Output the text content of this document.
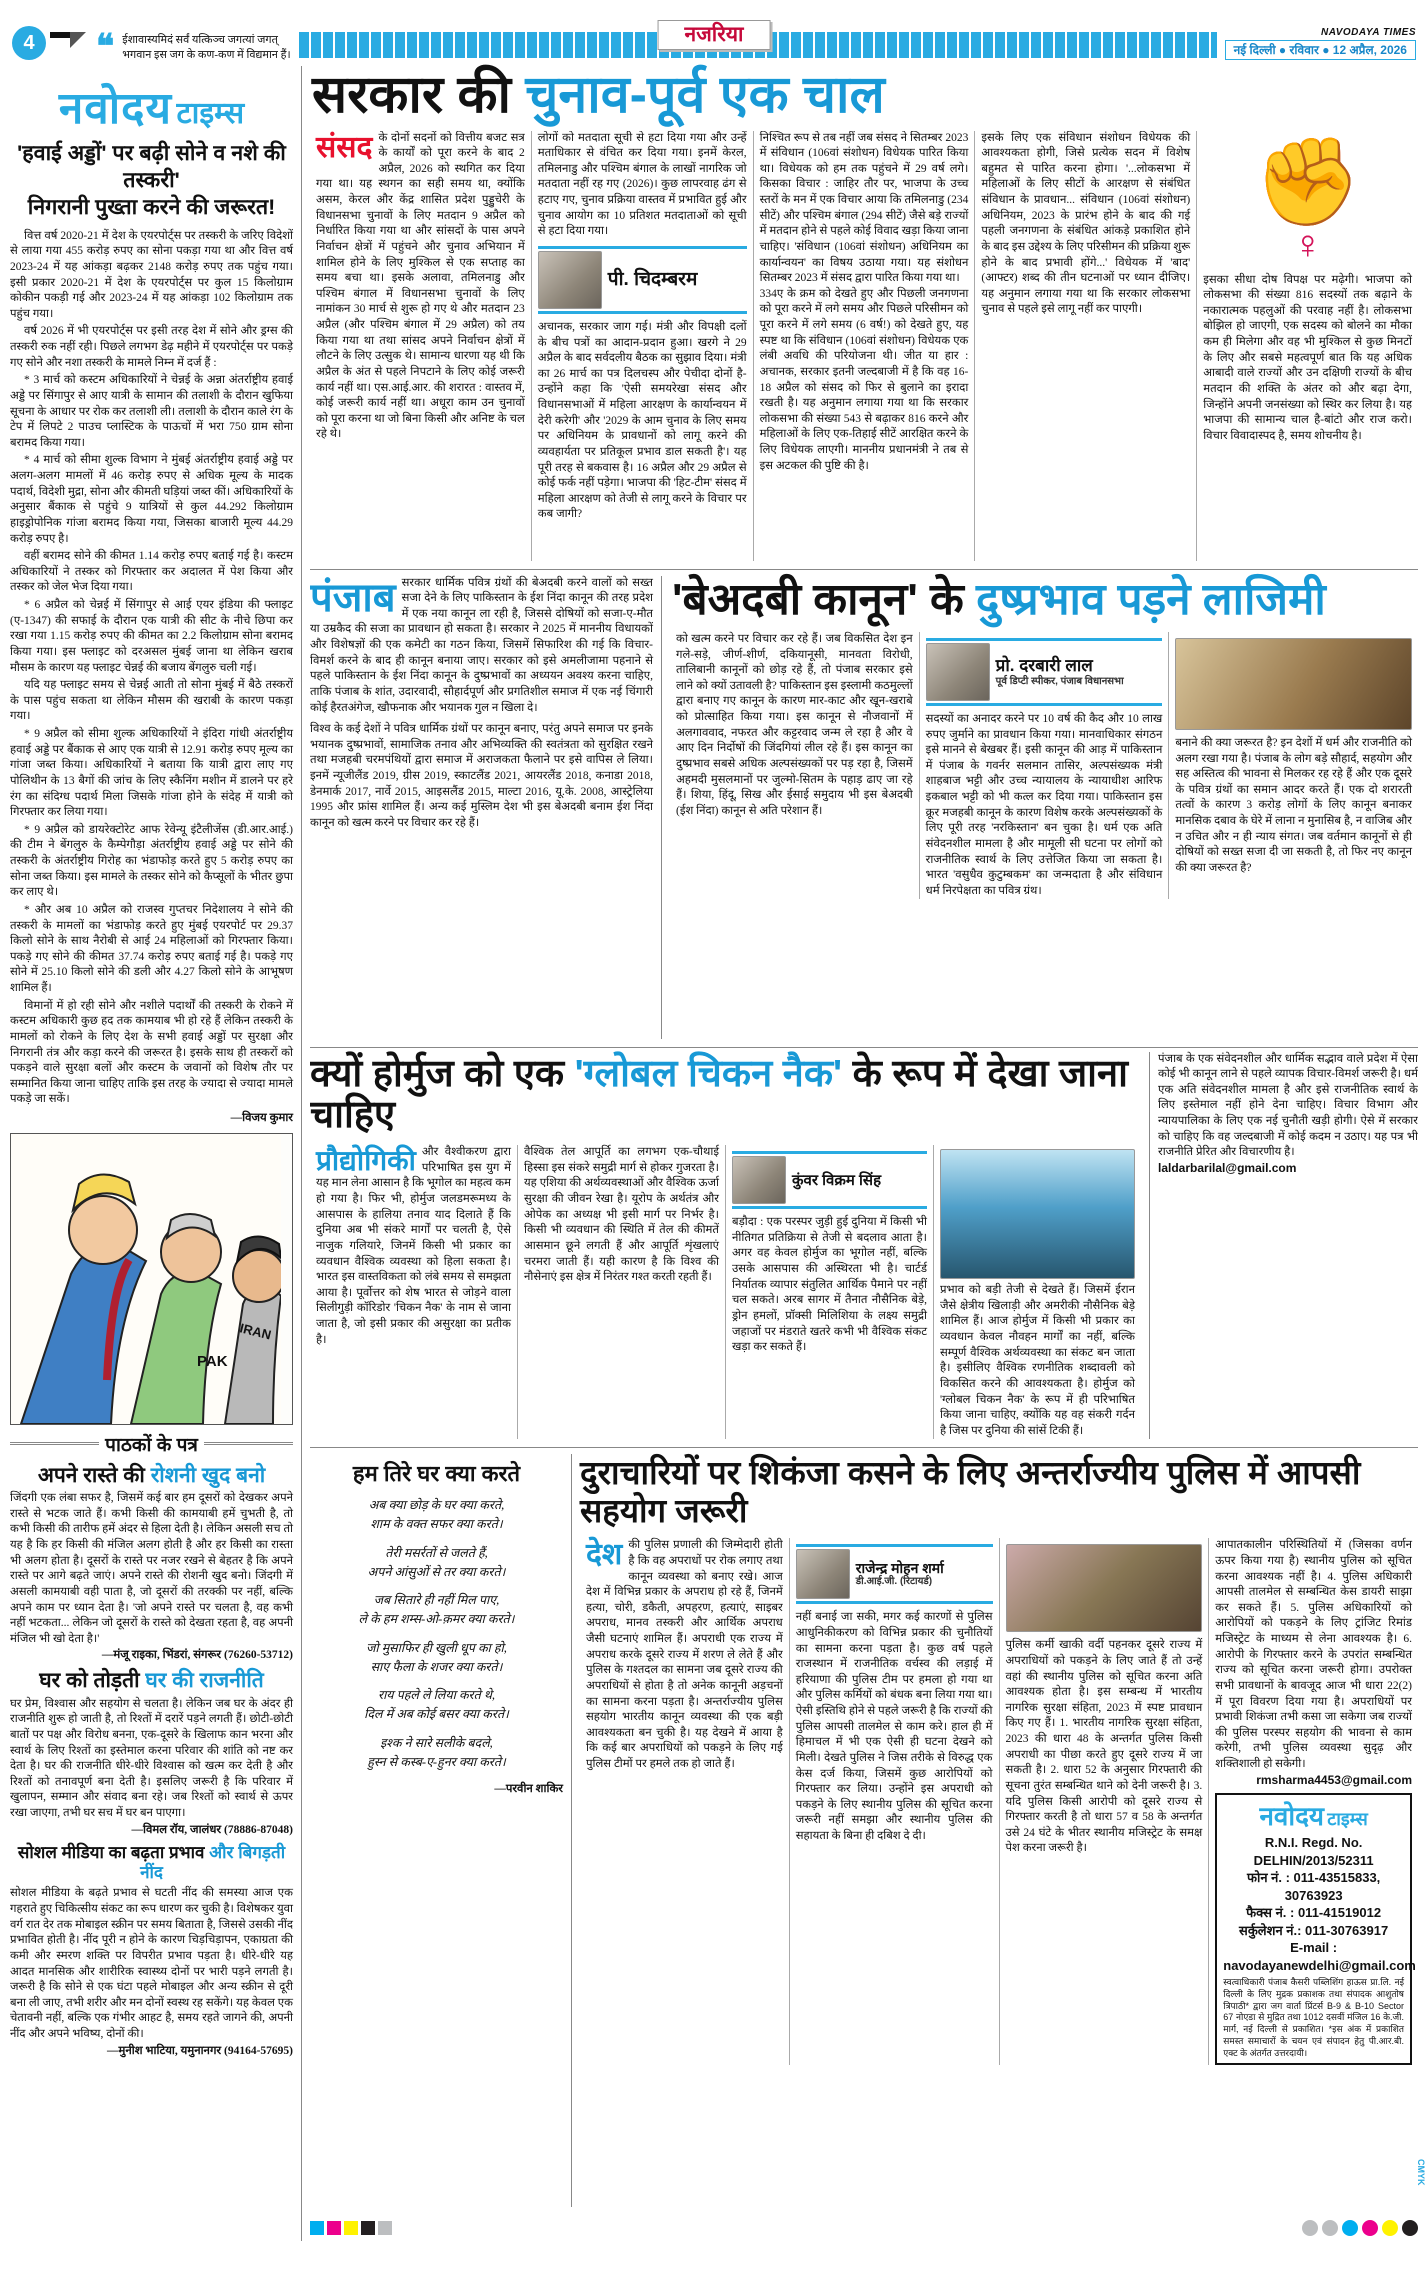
4	❝ ईशावास्यमिदं सर्वं यत्किञ्च जगत्यां जगत्
भगवान इस जग के कण-कण में विद्यमान हैं।
नजरिया	NAVODAYA TIMES
नई दिल्ली ● रविवार ● 12 अप्रैल, 2026
नवोदय टाइम्स
'हवाई अड्डों' पर बढ़ी सोने व नशे की तस्करी'
निगरानी पुख्ता करने की जरूरत!

वित्त वर्ष 2020-21 में देश के एयरपोर्ट्स पर तस्करी के जरिए विदेशों से लाया गया 455 करोड़ रुपए का सोना पकड़ा गया था और वित्त वर्ष 2023-24 में यह आंकड़ा बढ़कर 2148 करोड़ रुपए तक पहुंच गया। इसी प्रकार 2020-21 में देश के एयरपोर्ट्स पर कुल 15 किलोग्राम कोकीन पकड़ी गई और 2023-24 में यह आंकड़ा 102 किलोग्राम तक पहुंच गया।

वर्ष 2026 में भी एयरपोर्ट्स पर इसी तरह देश में सोने और ड्रग्स की तस्करी रुक नहीं रही। पिछले लगभग डेढ़ महीने में एयरपोर्ट्स पर पकड़े गए सोने और नशा तस्करी के मामले निम्न में दर्ज हैं :

* 3 मार्च को कस्टम अधिकारियों ने चेन्नई के अन्ना अंतर्राष्ट्रीय हवाई अड्डे पर सिंगापुर से आए यात्री के सामान की तलाशी के दौरान खुफिया सूचना के आधार पर रोक कर तलाशी ली। तलाशी के दौरान काले रंग के टेप में लिपटे 2 पाउच प्लास्टिक के पाऊचों में भरा 750 ग्राम सोना बरामद किया गया।

* 4 मार्च को सीमा शुल्क विभाग ने मुंबई अंतर्राष्ट्रीय हवाई अड्डे पर अलग-अलग मामलों में 46 करोड़ रुपए से अधिक मूल्य के मादक पदार्थ, विदेशी मुद्रा, सोना और कीमती घड़ियां जब्त कीं। अधिकारियों के अनुसार बैंकाक से पहुंचे 9 यात्रियों से कुल 44.292 किलोग्राम हाइड्रोपोनिक गांजा बरामद किया गया, जिसका बाजारी मूल्य 44.29 करोड़ रुपए है।

वहीं बरामद सोने की कीमत 1.14 करोड़ रुपए बताई गई है। कस्टम अधिकारियों ने तस्कर को गिरफ्तार कर अदालत में पेश किया और तस्कर को जेल भेज दिया गया।

* 6 अप्रैल को चेन्नई में सिंगापुर से आई एयर इंडिया की फ्लाइट (ए-1347) की सफाई के दौरान एक यात्री की सीट के नीचे छिपा कर रखा गया 1.15 करोड़ रुपए की कीमत का 2.2 किलोग्राम सोना बरामद किया गया। इस फ्लाइट को दरअसल मुंबई जाना था लेकिन खराब मौसम के कारण यह फ्लाइट चेन्नई की बजाय बेंगलुरु चली गई।

यदि यह फ्लाइट समय से चेन्नई आती तो सोना मुंबई में बैठे तस्करों के पास पहुंच सकता था लेकिन मौसम की खराबी के कारण पकड़ा गया।

* 9 अप्रैल को सीमा शुल्क अधिकारियों ने इंदिरा गांधी अंतर्राष्ट्रीय हवाई अड्डे पर बैंकाक से आए एक यात्री से 12.91 करोड़ रुपए मूल्य का गांजा जब्त किया। अधिकारियों ने बताया कि यात्री द्वारा लाए गए पोलिथीन के 13 बैगों की जांच के लिए स्कैनिंग मशीन में डालने पर हरे रंग का संदिग्ध पदार्थ मिला जिसके गांजा होने के संदेह में यात्री को गिरफ्तार कर लिया गया।

* 9 अप्रैल को डायरेक्टोरेट आफ रेवेन्यू इंटैलीजेंस (डी.आर.आई.) की टीम ने बेंगलुरु के कैम्पेगौड़ा अंतर्राष्ट्रीय हवाई अड्डे पर सोने की तस्करी के अंतर्राष्ट्रीय गिरोह का भंडाफोड़ करते हुए 5 करोड़ रुपए का सोना जब्त किया। इस मामले के तस्कर सोने को कैप्सूलों के भीतर छुपा कर लाए थे।

* और अब 10 अप्रैल को राजस्व गुप्तचर निदेशालय ने सोने की तस्करी के मामलों का भंडाफोड़ करते हुए मुंबई एयरपोर्ट पर 29.37 किलो सोने के साथ नैरोबी से आई 24 महिलाओं को गिरफ्तार किया। पकड़े गए सोने की कीमत 37.74 करोड़ रुपए बताई गई है। पकड़े गए सोने में 25.10 किलो सोने की डली और 4.27 किलो सोने के आभूषण शामिल हैं।

विमानों में हो रही सोने और नशीले पदार्थों की तस्करी के रोकने में कस्टम अधिकारी कुछ हद तक कामयाब भी हो रहे हैं लेकिन तस्करी के मामलों को रोकने के लिए देश के सभी हवाई अड्डों पर सुरक्षा और निगरानी तंत्र और कड़ा करने की जरूरत है। इसके साथ ही तस्करों को पकड़ने वाले सुरक्षा बलों और कस्टम के जवानों को विशेष तौर पर सम्मानित किया जाना चाहिए ताकि इस तरह के ज्यादा से ज्यादा मामले पकड़े जा सकें।

—विजय कुमार
PAK
IRAN
पाठकों के पत्र
अपने रास्ते की रोशनी खुद बनो
जिंदगी एक लंबा सफर है, जिसमें कई बार हम दूसरों को देखकर अपने रास्ते से भटक जाते हैं। कभी किसी की कामयाबी हमें चुभती है, तो कभी किसी की तारीफ हमें अंदर से हिला देती है। लेकिन असली सच तो यह है कि हर किसी की मंजिल अलग होती है और हर किसी का रास्ता भी अलग होता है। दूसरों के रास्ते पर नजर रखने से बेहतर है कि अपने रास्ते पर आगे बढ़ते जाएं। अपने रास्ते की रोशनी खुद बनो। जिंदगी में असली कामयाबी वही पाता है, जो दूसरों की तरक्की पर नहीं, बल्कि अपने काम पर ध्यान देता है। 'जो अपने रास्ते पर चलता है, वह कभी नहीं भटकता... लेकिन जो दूसरों के रास्ते को देखता रहता है, वह अपनी मंजिल भी खो देता है।'
—मंजू राइका, भिंडरां, संगरूर (76260-53712)
घर को तोड़ती घर की राजनीति
घर प्रेम, विश्वास और सहयोग से चलता है। लेकिन जब घर के अंदर ही राजनीति शुरू हो जाती है, तो रिश्तों में दरारें पड़ने लगती हैं। छोटी-छोटी बातों पर पक्ष और विरोध बनना, एक-दूसरे के खिलाफ कान भरना और स्वार्थ के लिए रिश्तों का इस्तेमाल करना परिवार की शांति को नष्ट कर देता है। घर की राजनीति धीरे-धीरे विश्वास को खत्म कर देती है और रिश्तों को तनावपूर्ण बना देती है। इसलिए जरूरी है कि परिवार में खुलापन, सम्मान और संवाद बना रहे। जब रिश्तों को स्वार्थ से ऊपर रखा जाएगा, तभी घर सच में घर बन पाएगा।
—विमल रॉय, जालंधर (78886-87048)
सोशल मीडिया का बढ़ता प्रभाव और बिगड़ती नींद
सोशल मीडिया के बढ़ते प्रभाव से घटती नींद की समस्या आज एक गहराते हुए चिकित्सीय संकट का रूप धारण कर चुकी है। विशेषकर युवा वर्ग रात देर तक मोबाइल स्क्रीन पर समय बिताता है, जिससे उसकी नींद प्रभावित होती है। नींद पूरी न होने के कारण चिड़चिड़ापन, एकाग्रता की कमी और स्मरण शक्ति पर विपरीत प्रभाव पड़ता है। धीरे-धीरे यह आदत मानसिक और शारीरिक स्वास्थ्य दोनों पर भारी पड़ने लगती है। जरूरी है कि सोने से एक घंटा पहले मोबाइल और अन्य स्क्रीन से दूरी बना ली जाए, तभी शरीर और मन दोनों स्वस्थ रह सकेंगे। यह केवल एक चेतावनी नहीं, बल्कि एक गंभीर आहट है, समय रहते जागने की, अपनी नींद और अपने भविष्य, दोनों की।
—मुनीश भाटिया, यमुनानगर (94164-57695)
सरकार की चुनाव-पूर्व एक चाल
संसद के दोनों सदनों को वित्तीय बजट सत्र के कार्यों को पूरा करने के बाद 2 अप्रैल, 2026 को स्थगित कर दिया गया था। यह स्थगन का सही समय था, क्योंकि असम, केरल और केंद्र शासित प्रदेश पुड्डुचेरी के विधानसभा चुनावों के लिए मतदान 9 अप्रैल को निर्धारित किया गया था और सांसदों के पास अपने निर्वाचन क्षेत्रों में पहुंचने और चुनाव अभियान में शामिल होने के लिए मुश्किल से एक सप्ताह का समय बचा था। इसके अलावा, तमिलनाडु और पश्चिम बंगाल में विधानसभा चुनावों के लिए नामांकन 30 मार्च से शुरू हो गए थे और मतदान 23 अप्रैल (और पश्चिम बंगाल में 29 अप्रैल) को तय किया गया था तथा सांसद अपने निर्वाचन क्षेत्रों में लौटने के लिए उत्सुक थे। सामान्य धारणा यह थी कि अप्रैल के अंत से पहले निपटाने के लिए कोई जरूरी कार्य नहीं था। एस.आई.आर. की शरारत : वास्तव में, कोई जरूरी कार्य नहीं था। अधूरा काम उन चुनावों को पूरा करना था जो बिना किसी और अनिष्ट के चल रहे थे।

लोगों को मतदाता सूची से हटा दिया गया और उन्हें मताधिकार से वंचित कर दिया गया। इनमें केरल, तमिलनाडु और पश्चिम बंगाल के लाखों नागरिक जो मतदाता नहीं रह गए (2026)। कुछ लापरवाह ढंग से हटाए गए, चुनाव प्रक्रिया वास्तव में प्रभावित हुई और चुनाव आयोग का 10 प्रतिशत मतदाताओं को सूची से हटा दिया गया।

पी. चिदम्बरम

अचानक, सरकार जाग गई। मंत्री और विपक्षी दलों के बीच पत्रों का आदान-प्रदान हुआ। खरगे ने 29 अप्रैल के बाद सर्वदलीय बैठक का सुझाव दिया। मंत्री का 26 मार्च का पत्र दिलचस्प और पेचीदा दोनों है-उन्होंने कहा कि 'ऐसी समयरेखा संसद और विधानसभाओं में महिला आरक्षण के कार्यान्वयन में देरी करेगी' और '2029 के आम चुनाव के लिए समय पर अधिनियम के प्रावधानों को लागू करने की व्यवहार्यता पर प्रतिकूल प्रभाव डाल सकती है'। यह पूरी तरह से बकवास है। 16 अप्रैल और 29 अप्रैल से कोई फर्क नहीं पड़ेगा। भाजपा की 'हिट-टीम' संसद में महिला आरक्षण को तेजी से लागू करने के विचार पर कब जागी?

निश्चित रूप से तब नहीं जब संसद ने सितम्बर 2023 में संविधान (106वां संशोधन) विधेयक पारित किया था। विधेयक को हम तक पहुंचने में 29 वर्ष लगे। किसका विचार : जाहिर तौर पर, भाजपा के उच्च स्तरों के मन में एक विचार आया कि तमिलनाडु (234 सीटें) और पश्चिम बंगाल (294 सीटें) जैसे बड़े राज्यों में मतदान होने से पहले कोई विवाद खड़ा किया जाना चाहिए। 'संविधान (106वां संशोधन) अधिनियम का कार्यान्वयन' का विषय उठाया गया। यह संशोधन सितम्बर 2023 में संसद द्वारा पारित किया गया था।

334ए के क्रम को देखते हुए और पिछली जनगणना को पूरा करने में लगे समय और पिछले परिसीमन को पूरा करने में लगे समय (6 वर्ष!) को देखते हुए, यह स्पष्ट था कि संविधान (106वां संशोधन) विधेयक एक लंबी अवधि की परियोजना थी। जीत या हार : अचानक, सरकार इतनी जल्दबाजी में है कि वह 16-18 अप्रैल को संसद को फिर से बुलाने का इरादा रखती है। यह अनुमान लगाया गया था कि सरकार लोकसभा की संख्या 543 से बढ़ाकर 816 करने और महिलाओं के लिए एक-तिहाई सीटें आरक्षित करने के लिए विधेयक लाएगी। माननीय प्रधानमंत्री ने तब से इस अटकल की पुष्टि की है।

इसके लिए एक संविधान संशोधन विधेयक की आवश्यकता होगी, जिसे प्रत्येक सदन में विशेष बहुमत से पारित करना होगा। '...लोकसभा में महिलाओं के लिए सीटों के आरक्षण से संबंधित संविधान के प्रावधान... संविधान (106वां संशोधन) अधिनियम, 2023 के प्रारंभ होने के बाद की गई पहली जनगणना के संबंधित आंकड़े प्रकाशित होने के बाद इस उद्देश्य के लिए परिसीमन की प्रक्रिया शुरू होने के बाद प्रभावी होंगे...' विधेयक में 'बाद' (आफ्टर) शब्द की तीन घटनाओं पर ध्यान दीजिए। यह अनुमान लगाया गया था कि सरकार लोकसभा चुनाव से पहले इसे लागू नहीं कर पाएगी।

✊
♀

इसका सीधा दोष विपक्ष पर मढ़ेगी। भाजपा को लोकसभा की संख्या 816 सदस्यों तक बढ़ाने के नकारात्मक पहलुओं की परवाह नहीं है। लोकसभा बोझिल हो जाएगी, एक सदस्य को बोलने का मौका कम ही मिलेगा और वह भी मुश्किल से कुछ मिनटों के लिए और सबसे महत्वपूर्ण बात कि यह अधिक आबादी वाले राज्यों और उन दक्षिणी राज्यों के बीच मतदान की शक्ति के अंतर को और बढ़ा देगा, जिन्होंने अपनी जनसंख्या को स्थिर कर लिया है। यह भाजपा की सामान्य चाल है-बांटो और राज करो। विचार विवादास्पद है, समय शोचनीय है।

पंजाब सरकार धार्मिक पवित्र ग्रंथों की बेअदबी करने वालों को सख्त सजा देने के लिए पाकिस्तान के ईश निंदा कानून की तरह प्रदेश में एक नया कानून ला रही है, जिससे दोषियों को सजा-ए-मौत या उम्रकैद की सजा का प्रावधान हो सकता है। सरकार ने 2025 में माननीय विधायकों और विशेषज्ञों की एक कमेटी का गठन किया, जिसमें सिफारिश की गई कि विचार-विमर्श करने के बाद ही कानून बनाया जाए। सरकार को इसे अमलीजामा पहनाने से पहले पाकिस्तान के ईश निंदा कानून के दुष्प्रभावों का अध्ययन अवश्य करना चाहिए, ताकि पंजाब के शांत, उदारवादी, सौहार्दपूर्ण और प्रगतिशील समाज में एक नई चिंगारी कोई हैरतअंगेज, खौफनाक और भयानक गुल न खिला दे।

विश्व के कई देशों ने पवित्र धार्मिक ग्रंथों पर कानून बनाए, परंतु अपने समाज पर इनके भयानक दुष्प्रभावों, सामाजिक तनाव और अभिव्यक्ति की स्वतंत्रता को सुरक्षित रखने तथा मजहबी चरमपंथियों द्वारा समाज में अराजकता फैलाने पर इसे वापिस ले लिया। इनमें न्यूजीलैंड 2019, ग्रीस 2019, स्काटलैंड 2021, आयरलैंड 2018, कनाडा 2018, डेनमार्क 2017, नार्वे 2015, आइसलैंड 2015, माल्टा 2016, यू.के. 2008, आस्ट्रेलिया 1995 और फ्रांस शामिल हैं। अन्य कई मुस्लिम देश भी इस बेअदबी बनाम ईश निंदा कानून को खत्म करने पर विचार कर रहे हैं।

'बेअदबी कानून' के दुष्प्रभाव पड़ने लाजिमी

को खत्म करने पर विचार कर रहे हैं। जब विकसित देश इन गले-सड़े, जीर्ण-शीर्ण, दकियानूसी, मानवता विरोधी, तालिबानी कानूनों को छोड़ रहे हैं, तो पंजाब सरकार इसे लाने को क्यों उतावली है? पाकिस्तान इस इस्लामी कठमुल्लों द्वारा बनाए गए कानून के कारण मार-काट और खून-खराबे को प्रोत्साहित किया गया। इस कानून से नौजवानों में अलगाववाद, नफरत और कट्टरवाद जन्म ले रहा है और वे आए दिन निर्दोषों की जिंदगियां लील रहे हैं। इस कानून का दुष्प्रभाव सबसे अधिक अल्पसंख्यकों पर पड़ रहा है, जिसमें अहमदी मुसलमानों पर जुल्मो-सितम के पहाड़ ढाए जा रहे हैं। शिया, हिंदू, सिख और ईसाई समुदाय भी इस बेअदबी (ईश निंदा) कानून से अति परेशान हैं।

प्रो. दरबारी लाल
पूर्व डिप्टी स्पीकर, पंजाब विधानसभा

सदस्यों का अनादर करने पर 10 वर्ष की कैद और 10 लाख रुपए जुर्माने का प्रावधान किया गया। मानवाधिकार संगठन इसे मानने से बेखबर हैं। इसी कानून की आड़ में पाकिस्तान में पंजाब के गवर्नर सलमान तासिर, अल्पसंख्यक मंत्री शाहबाज भट्टी और उच्च न्यायालय के न्यायाधीश आरिफ इकबाल भट्टी को भी कत्ल कर दिया गया। पाकिस्तान इस क्रूर मजहबी कानून के कारण विशेष करके अल्पसंख्यकों के लिए पूरी तरह 'नरकिस्तान' बन चुका है। धर्म एक अति संवेदनशील मामला है और मामूली सी घटना पर लोगों को राजनीतिक स्वार्थ के लिए उत्तेजित किया जा सकता है। भारत 'वसुधैव कुटुम्बकम' का जन्मदाता है और संविधान धर्म निरपेक्षता का पवित्र ग्रंथ।

बनाने की क्या जरूरत है? इन देशों में धर्म और राजनीति को अलग रखा गया है। पंजाब के लोग बड़े सौहार्द, सहयोग और सह अस्तित्व की भावना से मिलकर रह रहे हैं और एक दूसरे के पवित्र ग्रंथों का समान आदर करते हैं। एक दो शरारती तत्वों के कारण 3 करोड़ लोगों के लिए कानून बनाकर मानसिक दबाव के घेरे में लाना न मुनासिब है, न वाजिब और न उचित और न ही न्याय संगत। जब वर्तमान कानूनों से ही दोषियों को सख्त सजा दी जा सकती है, तो फिर नए कानून की क्या जरूरत है?

क्यों होर्मुज को एक 'ग्लोबल चिकन नैक' के रूप में देखा जाना चाहिए
प्रौद्योगिकी और वैश्वीकरण द्वारा परिभाषित इस युग में यह मान लेना आसान है कि भूगोल का महत्व कम हो गया है। फिर भी, होर्मुज जलडमरूमध्य के आसपास के हालिया तनाव याद दिलाते हैं कि दुनिया अब भी संकरे मार्गों पर चलती है, ऐसे नाजुक गलियारे, जिनमें किसी भी प्रकार का व्यवधान वैश्विक व्यवस्था को हिला सकता है। भारत इस वास्तविकता को लंबे समय से समझता आया है। पूर्वोत्तर को शेष भारत से जोड़ने वाला सिलीगुड़ी कॉरिडोर 'चिकन नैक' के नाम से जाना जाता है, जो इसी प्रकार की असुरक्षा का प्रतीक है।

वैश्विक तेल आपूर्ति का लगभग एक-चौथाई हिस्सा इस संकरे समुद्री मार्ग से होकर गुजरता है। यह एशिया की अर्थव्यवस्थाओं और वैश्विक ऊर्जा सुरक्षा की जीवन रेखा है। यूरोप के अर्थतंत्र और ओपेक का अध्यक्ष भी इसी मार्ग पर निर्भर है। किसी भी व्यवधान की स्थिति में तेल की कीमतें आसमान छूने लगती हैं और आपूर्ति शृंखलाएं चरमरा जाती हैं। यही कारण है कि विश्व की नौसेनाएं इस क्षेत्र में निरंतर गश्त करती रहती हैं।

कुंवर विक्रम सिंह

बड़ौदा : एक परस्पर जुड़ी हुई दुनिया में किसी भी नीतिगत प्रतिक्रिया से तेजी से बदलाव आता है। अगर वह केवल होर्मुज का भूगोल नहीं, बल्कि उसके आसपास की अस्थिरता भी है। चार्टर्ड निर्यातक व्यापार संतुलित आर्थिक पैमाने पर नहीं चल सकते। अरब सागर में तैनात नौसैनिक बेड़े, ड्रोन हमलों, प्रॉक्सी मिलिशिया के लक्ष्य समुद्री जहाजों पर मंडराते खतरे कभी भी वैश्विक संकट खड़ा कर सकते हैं।

प्रभाव को बड़ी तेजी से देखते हैं। जिसमें ईरान जैसे क्षेत्रीय खिलाड़ी और अमरीकी नौसैनिक बेड़े शामिल हैं। आज होर्मुज में किसी भी प्रकार का व्यवधान केवल नौवहन मार्गों का नहीं, बल्कि सम्पूर्ण वैश्विक अर्थव्यवस्था का संकट बन जाता है। इसीलिए वैश्विक रणनीतिक शब्दावली को विकसित करने की आवश्यकता है। होर्मुज को 'ग्लोबल चिकन नैक' के रूप में ही परिभाषित किया जाना चाहिए, क्योंकि यह वह संकरी गर्दन है जिस पर दुनिया की सांसें टिकी हैं।

पंजाब के एक संवेदनशील और धार्मिक सद्भाव वाले प्रदेश में ऐसा कोई भी कानून लाने से पहले व्यापक विचार-विमर्श जरूरी है। धर्म एक अति संवेदनशील मामला है और इसे राजनीतिक स्वार्थ के लिए इस्तेमाल नहीं होने देना चाहिए। विचार विभाग और न्यायपालिका के लिए एक नई चुनौती खड़ी होगी। ऐसे में सरकार को चाहिए कि वह जल्दबाजी में कोई कदम न उठाए। यह पत्र भी राजनीति प्रेरित और विचारणीय है।

laldarbarilal@gmail.com
हम तिरे घर क्या करते

अब क्या छोड़ के घर क्या करते,
शाम के वक्त सफर क्या करते।

तेरी मसर्रतों से जलते हैं,
अपने आंसुओं से तर क्या करते।

जब सितारे ही नहीं मिल पाए,
ले के हम शम्स-ओ-क़मर क्या करते।

जो मुसाफिर ही खुली धूप का हो,
साए फैला के शजर क्या करते।

राय पहले ले लिया करते थे,
दिल में अब कोई बसर क्या करते।

इश्क ने सारे सलीके बदले,
हुस्न से कस्ब-ए-हुनर क्या करते।

—परवीन शाकिर
दुराचारियों पर शिकंजा कसने के लिए अन्तर्राज्यीय पुलिस में आपसी सहयोग जरूरी
देश की पुलिस प्रणाली की जिम्मेदारी होती है कि वह अपराधों पर रोक लगाए तथा कानून व्यवस्था को बनाए रखे। आज देश में विभिन्न प्रकार के अपराध हो रहे हैं, जिनमें हत्या, चोरी, डकैती, अपहरण, हत्याएं, साइबर अपराध, मानव तस्करी और आर्थिक अपराध जैसी घटनाएं शामिल हैं। अपराधी एक राज्य में अपराध करके दूसरे राज्य में शरण ले लेते हैं और पुलिस के गश्तदल का सामना जब दूसरे राज्य की अपराधियों से होता है तो अनेक कानूनी अड़चनों का सामना करना पड़ता है। अन्तर्राज्यीय पुलिस सहयोग भारतीय कानून व्यवस्था की एक बड़ी आवश्यकता बन चुकी है। यह देखने में आया है कि कई बार अपराधियों को पकड़ने के लिए गई पुलिस टीमों पर हमले तक हो जाते हैं।
राजेन्द्र मोहन शर्मा
डी.आई.जी. (रिटायर्ड)

नहीं बनाई जा सकी, मगर कई कारणों से पुलिस आधुनिकीकरण को विभिन्न प्रकार की चुनौतियों का सामना करना पड़ता है। कुछ वर्ष पहले राजस्थान में राजनीतिक वर्चस्व की लड़ाई में हरियाणा की पुलिस टीम पर हमला हो गया था और पुलिस कर्मियों को बंधक बना लिया गया था। ऐसी इस्तिथि होने से पहले जरूरी है कि राज्यों की पुलिस आपसी तालमेल से काम करे। हाल ही में हिमाचल में भी एक ऐसी ही घटना देखने को मिली। देखते पुलिस ने जिस तरीके से विरुद्ध एक केस दर्ज किया, जिसमें कुछ आरोपियों को गिरफ्तार कर लिया। उन्होंने इस अपराधी को पकड़ने के लिए स्थानीय पुलिस की सूचित करना जरूरी नहीं समझा और स्थानीय पुलिस की सहायता के बिना ही दबिश दे दी।

पुलिस कर्मी खाकी वर्दी पहनकर दूसरे राज्य में अपराधियों को पकड़ने के लिए जाते हैं तो उन्हें वहां की स्थानीय पुलिस को सूचित करना अति आवश्यक होता है। इस सम्बन्ध में भारतीय नागरिक सुरक्षा संहिता, 2023 में स्पष्ट प्रावधान किए गए हैं। 1. भारतीय नागरिक सुरक्षा संहिता, 2023 की धारा 48 के अन्तर्गत पुलिस किसी अपराधी का पीछा करते हुए दूसरे राज्य में जा सकती है। 2. धारा 52 के अनुसार गिरफ्तारी की सूचना तुरंत सम्बन्धित थाने को देनी जरूरी है। 3. यदि पुलिस किसी आरोपी को दूसरे राज्य से गिरफ्तार करती है तो धारा 57 व 58 के अन्तर्गत उसे 24 घंटे के भीतर स्थानीय मजिस्ट्रेट के समक्ष पेश करना जरूरी है।

आपातकालीन परिस्थितियों में (जिसका वर्णन ऊपर किया गया है) स्थानीय पुलिस को सूचित करना आवश्यक नहीं है। 4. पुलिस अधिकारी आपसी तालमेल से सम्बन्धित केस डायरी साझा कर सकते हैं। 5. पुलिस अधिकारियों को आरोपियों को पकड़ने के लिए ट्रांजिट रिमांड मजिस्ट्रेट के माध्यम से लेना आवश्यक है। 6. आरोपी के गिरफ्तार करने के उपरांत सम्बन्धित राज्य को सूचित करना जरूरी होगा। उपरोक्त सभी प्रावधानों के बावजूद आज भी धारा 22(2) में पूरा विवरण दिया गया है। अपराधियों पर प्रभावी शिकंजा तभी कसा जा सकेगा जब राज्यों की पुलिस परस्पर सहयोग की भावना से काम करेगी, तभी पुलिस व्यवस्था सुदृढ़ और शक्तिशाली हो सकेगी।

rmsharma4453@gmail.com
नवोदय टाइम्स
R.N.I. Regd. No. DELHIN/2013/52311
फोन नं. : 011-43515833, 30763923
फैक्स नं. : 011-41519012
सर्कुलेशन नं.: 011-30763917
E-mail : navodayanewdelhi@gmail.com
स्वत्वाधिकारी पंजाब कैसरी पब्लिशिंग हाऊस प्रा.लि. नई दिल्ली के लिए मुद्रक प्रकाशक तथा संपादक आशुतोष त्रिपाठी* द्वारा जग वार्ता प्रिंटर्स B-9 & B-10 Sector 67 नोएडा से मुद्रित तथा 1012 दसवीं मंजिल 16 के.जी. मार्ग, नई दिल्ली से प्रकाशित। *इस अंक में प्रकाशित समस्त समाचारों के चयन एवं संपादन हेतु पी.आर.बी. एक्ट के अंतर्गत उत्तरदायी।
CMYK
